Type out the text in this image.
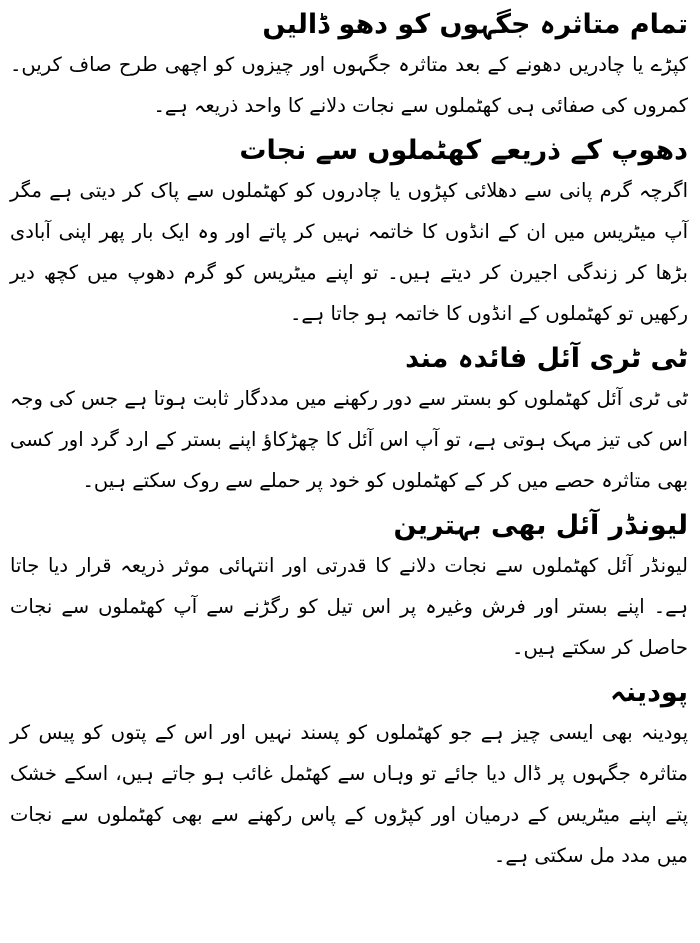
تمام متاثرہ جگہوں کو دھو ڈالیں

کپڑے یا چادریں دھونے کے بعد متاثرہ جگہوں اور چیزوں کو اچھی طرح صاف کریں۔ کمروں کی صفائی ہی کھٹملوں سے نجات دلانے کا واحد ذریعہ ہے۔

دھوپ کے ذریعے کھٹملوں سے نجات

اگرچہ گرم پانی سے دھلائی کپڑوں یا چادروں کو کھٹملوں سے پاک کر دیتی ہے مگر آپ میٹریس میں ان کے انڈوں کا خاتمہ نہیں کر پاتے اور وہ ایک بار پھر اپنی آبادی بڑھا کر زندگی اجیرن کر دیتے ہیں۔ تو اپنے میٹریس کو گرم دھوپ میں کچھ دیر رکھیں تو کھٹملوں کے انڈوں کا خاتمہ ہو جاتا ہے۔

ٹی ٹری آئل فائدہ مند

ٹی ٹری آئل کھٹملوں کو بستر سے دور رکھنے میں مددگار ثابت ہوتا ہے جس کی وجہ اس کی تیز مہک ہوتی ہے، تو آپ اس آئل کا چھڑکاؤ اپنے بستر کے ارد گرد اور کسی بھی متاثرہ حصے میں کر کے کھٹملوں کو خود پر حملے سے روک سکتے ہیں۔

لیونڈر آئل بھی بہترین

لیونڈر آئل کھٹملوں سے نجات دلانے کا قدرتی اور انتہائی موثر ذریعہ قرار دیا جاتا ہے۔ اپنے بستر اور فرش وغیرہ پر اس تیل کو رگڑنے سے آپ کھٹملوں سے نجات حاصل کر سکتے ہیں۔

پودینہ

پودینہ بھی ایسی چیز ہے جو کھٹملوں کو پسند نہیں اور اس کے پتوں کو پیس کر متاثرہ جگہوں پر ڈال دیا جائے تو وہاں سے کھٹمل غائب ہو جاتے ہیں، اسکے خشک پتے اپنے میٹریس کے درمیان اور کپڑوں کے پاس رکھنے سے بھی کھٹملوں سے نجات میں مدد مل سکتی ہے۔
